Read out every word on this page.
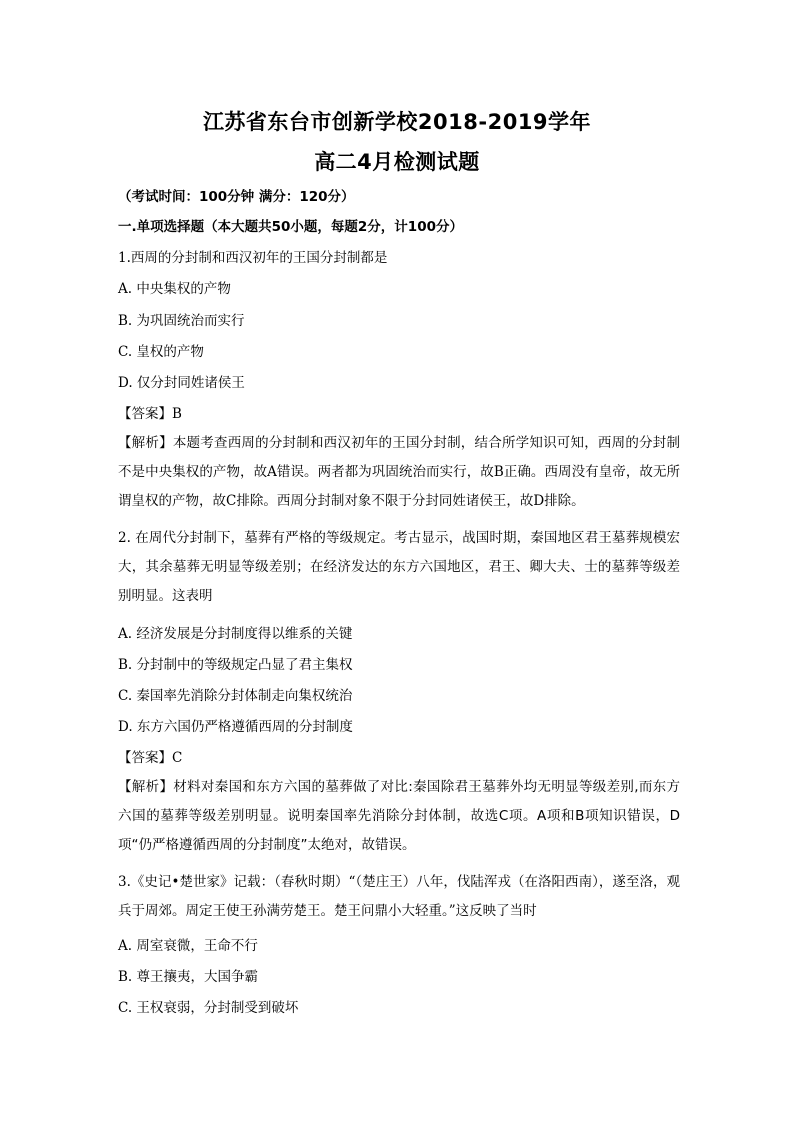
江苏省东台市创新学校2018-2019学年
高二4月检测试题
（考试时间：100分钟 满分：120分）
一.单项选择题（本大题共50小题，每题2分，计100分）
1.西周的分封制和西汉初年的王国分封制都是
A. 中央集权的产物
B. 为巩固统治而实行
C. 皇权的产物
D. 仅分封同姓诸侯王
【答案】B
【解析】本题考查西周的分封制和西汉初年的王国分封制，结合所学知识可知，西周的分封制不是中央集权的产物，故A错误。两者都为巩固统治而实行，故B正确。西周没有皇帝，故无所谓皇权的产物，故C排除。西周分封制对象不限于分封同姓诸侯王，故D排除。
2. 在周代分封制下，墓葬有严格的等级规定。考古显示，战国时期，秦国地区君王墓葬规模宏大，其余墓葬无明显等级差别；在经济发达的东方六国地区，君王、卿大夫、士的墓葬等级差别明显。这表明
A. 经济发展是分封制度得以维系的关键
B. 分封制中的等级规定凸显了君主集权
C. 秦国率先消除分封体制走向集权统治
D. 东方六国仍严格遵循西周的分封制度
【答案】C
【解析】材料对秦国和东方六国的墓葬做了对比:秦国除君王墓葬外均无明显等级差别,而东方六国的墓葬等级差别明显。说明秦国率先消除分封体制，故选C项。A项和B项知识错误，D项“仍严格遵循西周的分封制度”太绝对，故错误。
3.《史记•楚世家》记载：（春秋时期）“（楚庄王）八年，伐陆浑戎（在洛阳西南），遂至洛，观兵于周郊。周定王使王孙满劳楚王。楚王问鼎小大轻重。”这反映了当时
A. 周室衰微，王命不行
B. 尊王攘夷，大国争霸
C. 王权衰弱，分封制受到破坏
